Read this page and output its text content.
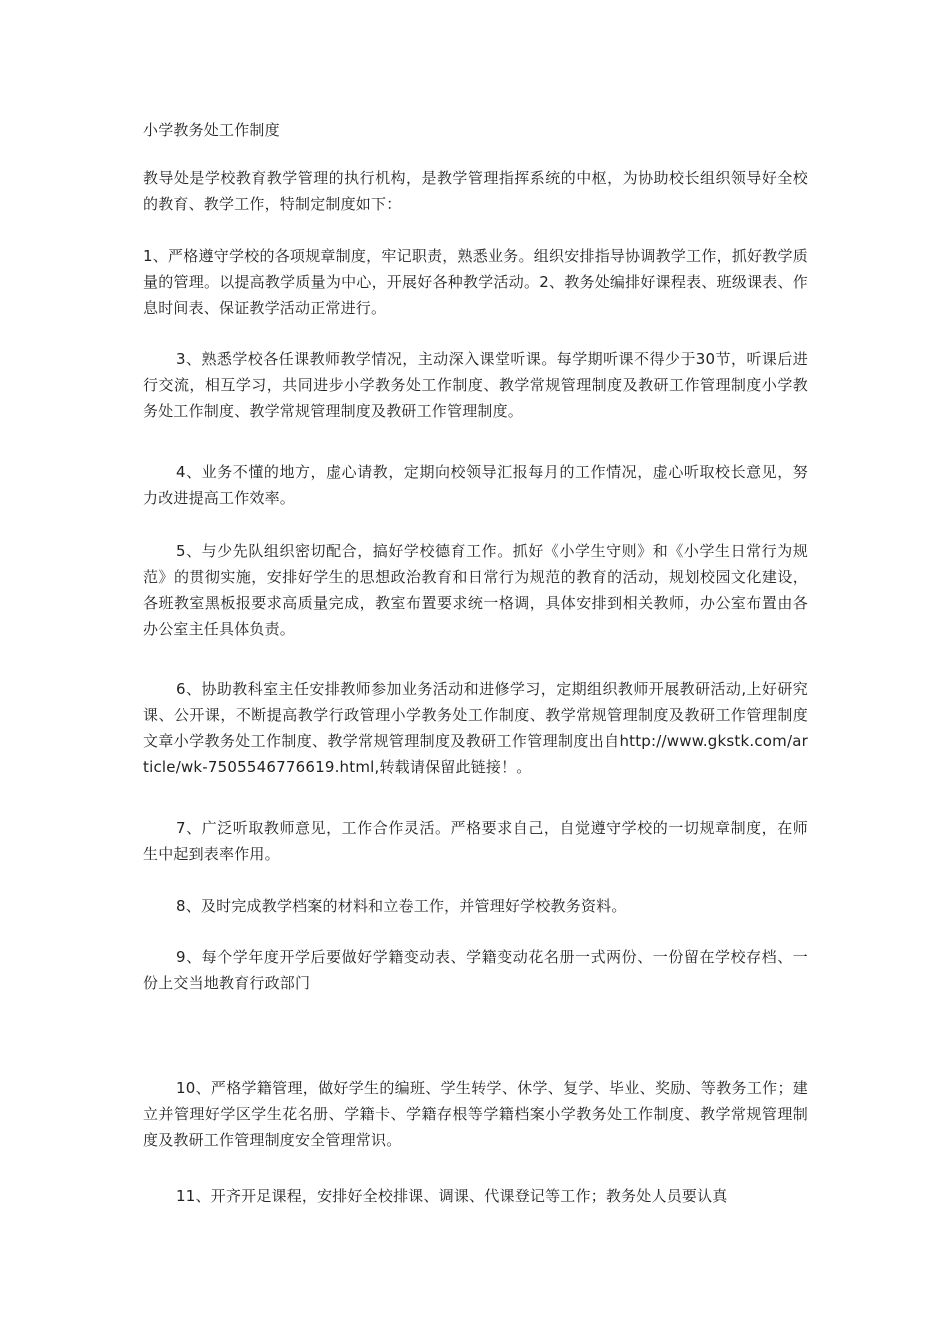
小学教务处工作制度

教导处是学校教育教学管理的执行机构，是教学管理指挥系统的中枢，为协助校长组织领导好全校的教育、教学工作，特制定制度如下：

1、严格遵守学校的各项规章制度，牢记职责，熟悉业务。组织安排指导协调教学工作，抓好教学质量的管理。以提高教学质量为中心，开展好各种教学活动。2、教务处编排好课程表、班级课表、作息时间表、保证教学活动正常进行。

3、熟悉学校各任课教师教学情况，主动深入课堂听课。每学期听课不得少于30节，听课后进行交流，相互学习，共同进步小学教务处工作制度、教学常规管理制度及教研工作管理制度小学教务处工作制度、教学常规管理制度及教研工作管理制度。

4、业务不懂的地方，虚心请教，定期向校领导汇报每月的工作情况，虚心听取校长意见，努力改进提高工作效率。

5、与少先队组织密切配合，搞好学校德育工作。抓好《小学生守则》和《小学生日常行为规范》的贯彻实施，安排好学生的思想政治教育和日常行为规范的教育的活动，规划校园文化建设，各班教室黑板报要求高质量完成，教室布置要求统一格调，具体安排到相关教师，办公室布置由各办公室主任具体负责。

6、协助教科室主任安排教师参加业务活动和进修学习，定期组织教师开展教研活动,上好研究课、公开课，不断提高教学行政管理小学教务处工作制度、教学常规管理制度及教研工作管理制度文章小学教务处工作制度、教学常规管理制度及教研工作管理制度出自http://www.gkstk.com/article/wk-7505546776619.html,转载请保留此链接！。

7、广泛听取教师意见，工作合作灵活。严格要求自己，自觉遵守学校的一切规章制度，在师生中起到表率作用。

8、及时完成教学档案的材料和立卷工作，并管理好学校教务资料。

9、每个学年度开学后要做好学籍变动表、学籍变动花名册一式两份、一份留在学校存档、一份上交当地教育行政部门

10、严格学籍管理，做好学生的编班、学生转学、休学、复学、毕业、奖励、等教务工作；建立并管理好学区学生花名册、学籍卡、学籍存根等学籍档案小学教务处工作制度、教学常规管理制度及教研工作管理制度安全管理常识。

11、开齐开足课程，安排好全校排课、调课、代课登记等工作；教务处人员要认真
